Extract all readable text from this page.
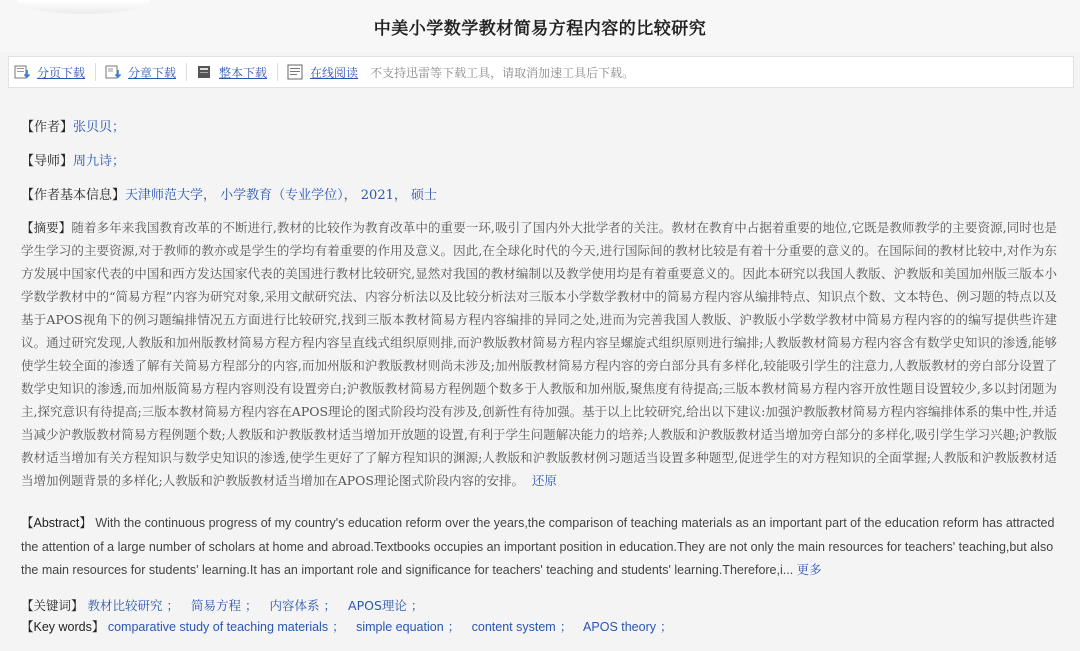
中美小学数学教材简易方程内容的比较研究
分页下载	分章下载	整本下载	在线阅读 不支持迅雷等下载工具，请取消加速工具后下载。
【作者】张贝贝；
【导师】周九诗；
【作者基本信息】天津师范大学， 小学教育（专业学位）， 2021， 硕士
【摘要】随着多年来我国教育改革的不断进行,教材的比较作为教育改革中的重要一环,吸引了国内外大批学者的关注。教材在教育中占据着重要的地位,它既是教师教学的主要资源,同时也是学生学习的主要资源,对于教师的教亦或是学生的学均有着重要的作用及意义。因此,在全球化时代的今天,进行国际间的教材比较是有着十分重要的意义的。在国际间的教材比较中,对作为东方发展中国家代表的中国和西方发达国家代表的美国进行教材比较研究,显然对我国的教材编制以及教学使用均是有着重要意义的。因此本研究以我国人教版、沪教版和美国加州版三版本小学数学教材中的“简易方程”内容为研究对象,采用文献研究法、内容分析法以及比较分析法对三版本小学数学教材中的简易方程内容从编排特点、知识点个数、文本特色、例习题的特点以及基于APOS视角下的例习题编排情况五方面进行比较研究,找到三版本教材简易方程内容编排的异同之处,进而为完善我国人教版、沪教版小学数学教材中简易方程内容的的编写提供些许建议。通过研究发现,人教版和加州版教材简易方程方程内容呈直线式组织原则排,而沪教版教材简易方程内容呈螺旋式组织原则进行编排;人教版教材简易方程内容含有数学史知识的渗透,能够使学生较全面的渗透了解有关简易方程部分的内容,而加州版和沪教版教材则尚未涉及;加州版教材简易方程内容的旁白部分具有多样化,较能吸引学生的注意力,人教版教材的旁白部分设置了数学史知识的渗透,而加州版简易方程内容则没有设置旁白;沪教版教材简易方程例题个数多于人教版和加州版,聚焦度有待提高;三版本教材简易方程内容开放性题目设置较少,多以封闭题为主,探究意识有待提高;三版本教材简易方程内容在APOS理论的图式阶段均没有涉及,创新性有待加强。基于以上比较研究,给出以下建议:加强沪教版教材简易方程内容编排体系的集中性,并适当减少沪教版教材简易方程例题个数;人教版和沪教版教材适当增加开放题的设置,有利于学生问题解决能力的培养;人教版和沪教版教材适当增加旁白部分的多样化,吸引学生学习兴趣;沪教版教材适当增加有关方程知识与数学史知识的渗透,使学生更好了了解方程知识的渊源;人教版和沪教版教材例习题适当设置多种题型,促进学生的对方程知识的全面掌握;人教版和沪教版教材适当增加例题背景的多样化;人教版和沪教版教材适当增加在APOS理论图式阶段内容的安排。 还原
【Abstract】 With the continuous progress of my country's education reform over the years,the comparison of teaching materials as an important part of the education reform has attracted the attention of a large number of scholars at home and abroad.Textbooks occupies an important position in education.They are not only the main resources for teachers' teaching,but also the main resources for students' learning.It has an important role and significance for teachers' teaching and students' learning.Therefore,i... 更多
【关键词】 教材比较研究 ； 简易方程 ； 内容体系 ； APOS理论 ；
【Key words】 comparative study of teaching materials ； simple equation ； content system ； APOS theory ；
